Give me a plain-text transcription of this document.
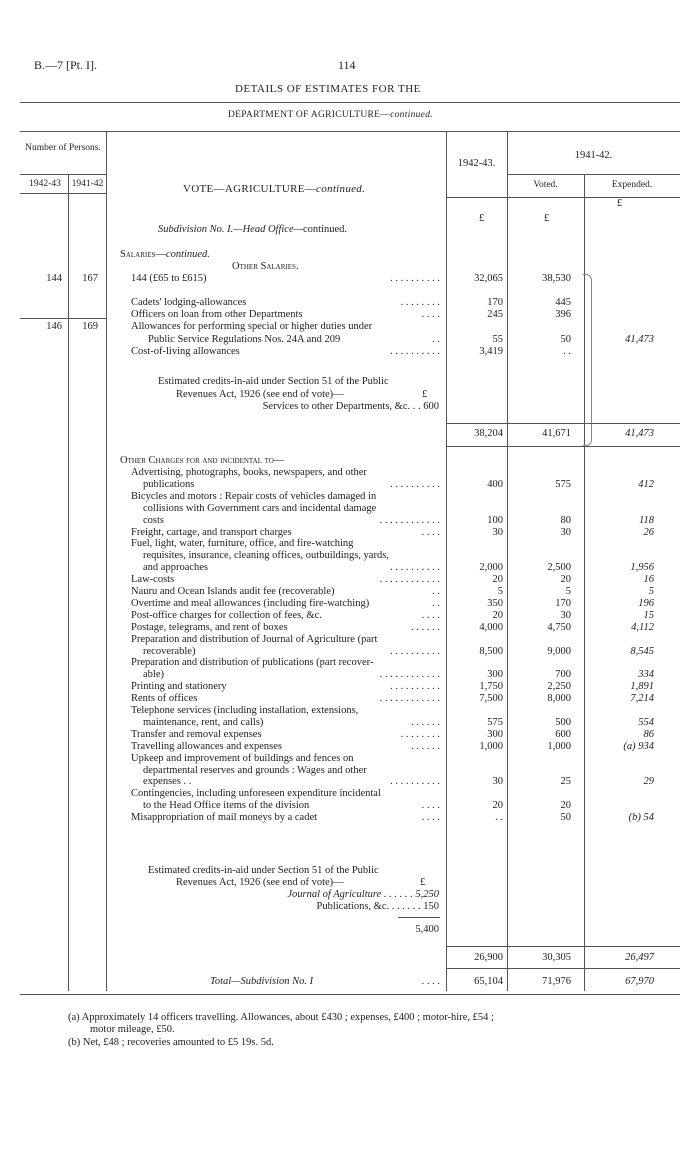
B.—7 [Pt. I].	114
DETAILS OF ESTIMATES FOR THE
DEPARTMENT OF AGRICULTURE—continued.
Number of Persons.
1942-43	1941-42
1942-43.
1941-42.
Voted.	Expended.
VOTE—AGRICULTURE—continued.
£
£	£
Subdivision No. I.—Head Office—continued.
Salaries—continued.
Other Salaries.
144	167	144 (£65 to £615)	. . . . . . . . . .	32,065	38,530
Cadets' lodging-allowances	. . . . . . . .	170	445
Officers on loan from other Departments	. . . .	245	396
146	169	Allowances for performing special or higher duties under
Public Service Regulations Nos. 24A and 209	. .	55	50	41,473
Cost-of-living allowances	. . . . . . . . . .	3,419	. .
Estimated credits-in-aid under Section 51 of the Public
Revenues Act, 1926 (see end of vote)—	£
Services to other Departments, &c. . . 600
38,204	41,671	41,473
Other Charges for and incidental to—
Advertising, photographs, books, newspapers, and other
publications	. . . . . . . . . .	400	575	412
Bicycles and motors : Repair costs of vehicles damaged in
collisions with Government cars and incidental damage
costs	. . . . . . . . . . . .	100	80	118
Freight, cartage, and transport charges	. . . .	30	30	26
Fuel, light, water, furniture, office, and fire-watching
requisites, insurance, cleaning offices, outbuildings, yards,
and approaches	. . . . . . . . . .	2,000	2,500	1,956
Law-costs	. . . . . . . . . . . .	20	20	16
Nauru and Ocean Islands audit fee (recoverable)	. .	5	5	5
Overtime and meal allowances (including fire-watching)	. .	350	170	196
Post-office charges for collection of fees, &c.	. . . .	20	30	15
Postage, telegrams, and rent of boxes	. . . . . .	4,000	4,750	4,112
Preparation and distribution of Journal of Agriculture (part
recoverable)	. . . . . . . . . .	8,500	9,000	8,545
Preparation and distribution of publications (part recover-
able)	. . . . . . . . . . . .	300	700	334
Printing and stationery	. . . . . . . . . .	1,750	2,250	1,891
Rents of offices	. . . . . . . . . . . .	7,500	8,000	7,214
Telephone services (including installation, extensions,
maintenance, rent, and calls)	. . . . . .	575	500	554
Transfer and removal expenses	. . . . . . . .	300	600	86
Travelling allowances and expenses	. . . . . .	1,000	1,000	(a) 934
Upkeep and improvement of buildings and fences on
departmental reserves and grounds : Wages and other
expenses . .	. . . . . . . . . .	30	25	29
Contingencies, including unforeseen expenditure incidental
to the Head Office items of the division	. . . .	20	20
Misappropriation of mail moneys by a cadet	. . . .	. .	50	(b) 54
Estimated credits-in-aid under Section 51 of the Public
Revenues Act, 1926 (see end of vote)—	£
Journal of Agriculture . . . . . . 5,250
Publications, &c. . . . . . . 150
5,400
26,900	30,305	26,497
Total—Subdivision No. I	. . . .	65,104	71,976	67,970
(a) Approximately 14 officers travelling. Allowances, about £430 ; expenses, £400 ; motor-hire, £54 ;
motor mileage, £50.
(b) Net, £48 ; recoveries amounted to £5 19s. 5d.
